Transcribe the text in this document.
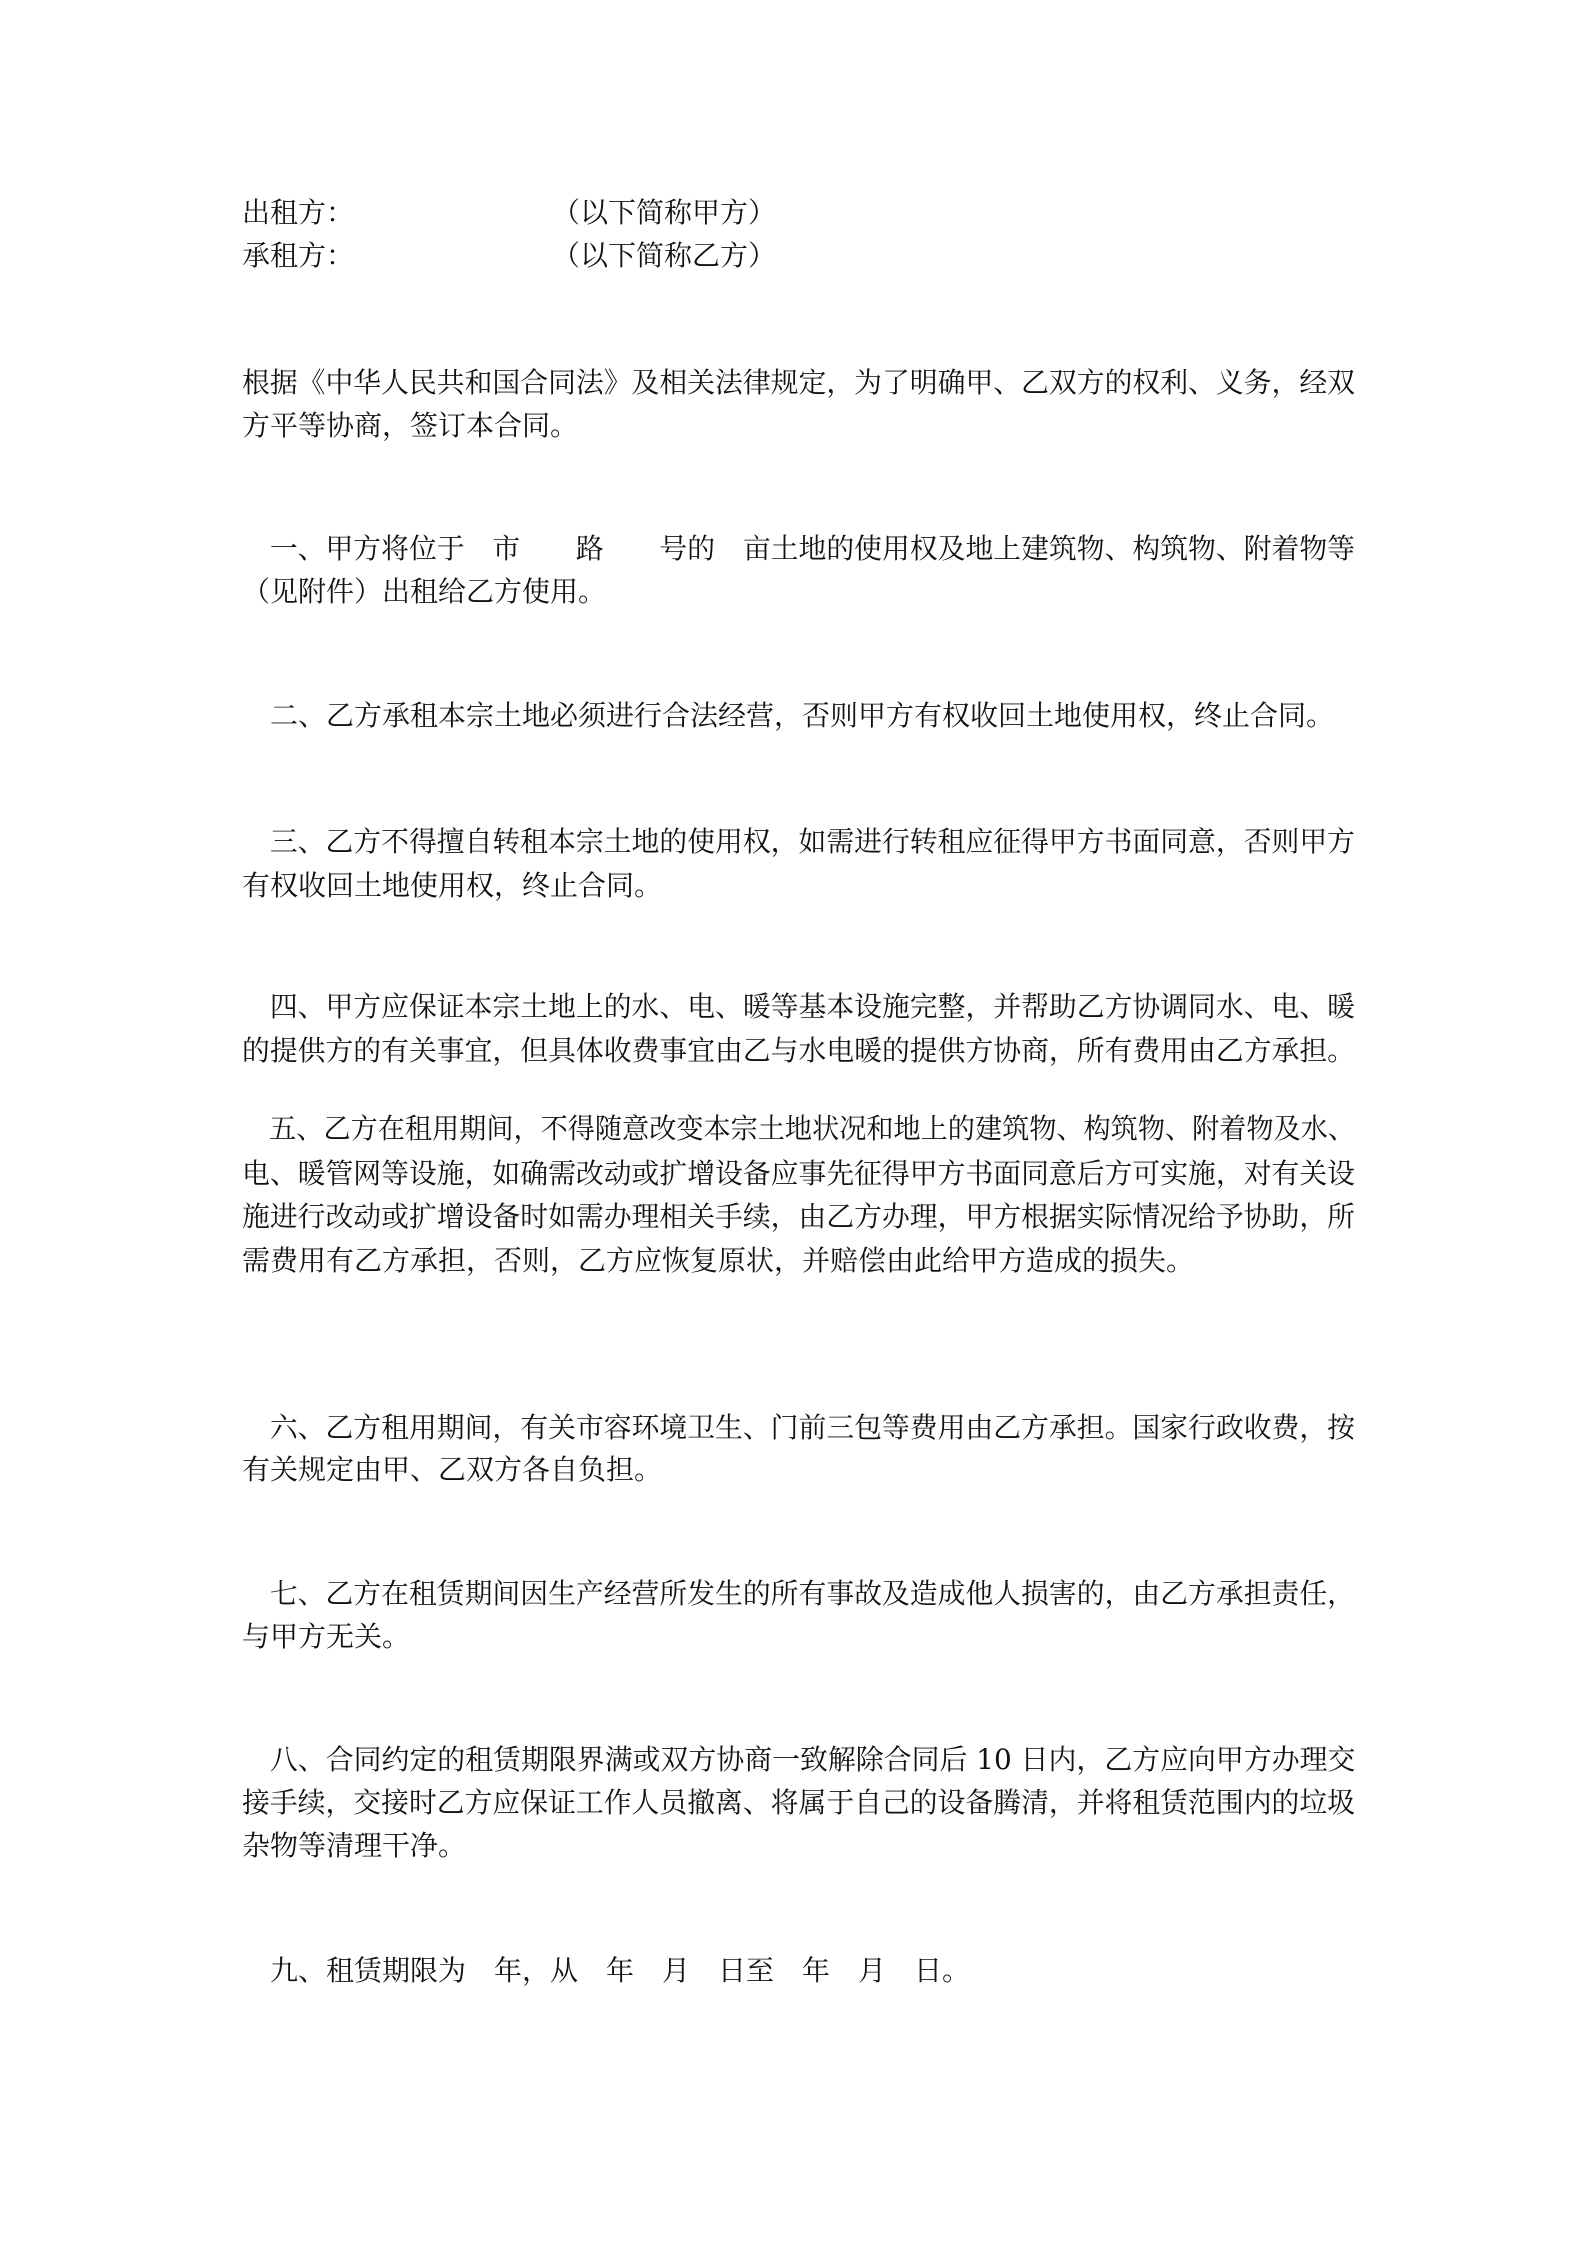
出租方：	（以下简称甲方）
承租方：	（以下简称乙方）
根据《中华人民共和国合同法》及相关法律规定，为了明确甲、乙双方的权利、义务，经双
方平等协商，签订本合同。
　一、甲方将位于　市　　路　　号的　亩土地的使用权及地上建筑物、构筑物、附着物等
（见附件）出租给乙方使用。
　二、乙方承租本宗土地必须进行合法经营，否则甲方有权收回土地使用权，终止合同。
　三、乙方不得擅自转租本宗土地的使用权，如需进行转租应征得甲方书面同意，否则甲方
有权收回土地使用权，终止合同。
　四、甲方应保证本宗土地上的水、电、暖等基本设施完整，并帮助乙方协调同水、电、暖
的提供方的有关事宜，但具体收费事宜由乙与水电暖的提供方协商，所有费用由乙方承担。
　五、乙方在租用期间，不得随意改变本宗土地状况和地上的建筑物、构筑物、附着物及水、
电、暖管网等设施，如确需改动或扩增设备应事先征得甲方书面同意后方可实施，对有关设
施进行改动或扩增设备时如需办理相关手续，由乙方办理，甲方根据实际情况给予协助，所
需费用有乙方承担，否则，乙方应恢复原状，并赔偿由此给甲方造成的损失。
　六、乙方租用期间，有关市容环境卫生、门前三包等费用由乙方承担。国家行政收费，按
有关规定由甲、乙双方各自负担。
　七、乙方在租赁期间因生产经营所发生的所有事故及造成他人损害的，由乙方承担责任，
与甲方无关。
　八、合同约定的租赁期限界满或双方协商一致解除合同后 10 日内，乙方应向甲方办理交
接手续，交接时乙方应保证工作人员撤离、将属于自己的设备腾清，并将租赁范围内的垃圾
杂物等清理干净。
　九、租赁期限为　年，从　年　月　日至　年　月　日。
